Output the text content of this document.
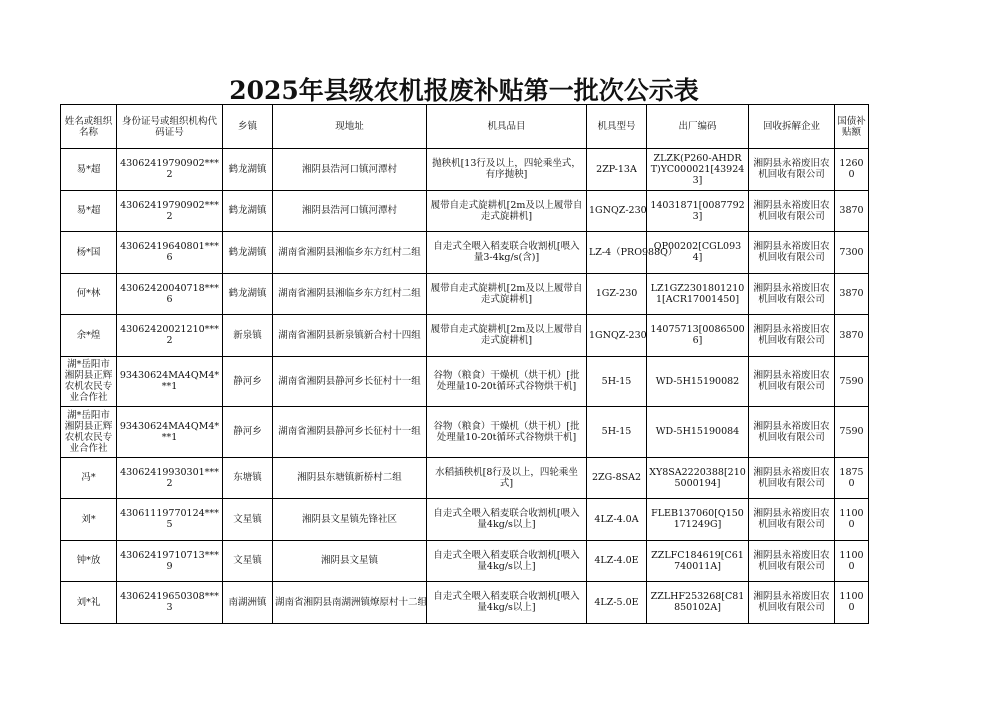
2025年县级农机报废补贴第一批次公示表
姓名或组织名称	身份证号或组织机构代码证号	乡镇	现地址	机具品目	机具型号	出厂编码	回收拆解企业	国债补贴额
易*超	43062419790902***2	鹤龙湖镇	湘阴县浩河口镇河潭村	抛秧机[13行及以上，四轮乘坐式，有序抛秧]	2ZP-13A	ZLZK(P260-AHDRT)YC000021[439243]	湘阴县永裕废旧农机回收有限公司	12600
易*超	43062419790902***2	鹤龙湖镇	湘阴县浩河口镇河潭村	履带自走式旋耕机[2m及以上履带自走式旋耕机]	1GNQZ-230	14031871[00877923]	湘阴县永裕废旧农机回收有限公司	3870
杨*国	43062419640801***6	鹤龙湖镇	湖南省湘阴县湘临乡东方红村二组	自走式全喂入稻麦联合收割机[喂入量3-4kg/s(含)]	LZ-4（PRO988Q）	QP00202[CGL0934]	湘阴县永裕废旧农机回收有限公司	7300
何*林	43062420040718***6	鹤龙湖镇	湖南省湘阴县湘临乡东方红村二组	履带自走式旋耕机[2m及以上履带自走式旋耕机]	1GZ-230	LZ1GZ23018012101[ACR17001450]	湘阴县永裕废旧农机回收有限公司	3870
余*煌	43062420021210***2	新泉镇	湖南省湘阴县新泉镇新合村十四组	履带自走式旋耕机[2m及以上履带自走式旋耕机]	1GNQZ-230	14075713[00865006]	湘阴县永裕废旧农机回收有限公司	3870
湖*岳阳市湘阴县正辉农机农民专业合作社	93430624MA4QM4***1	静河乡	湖南省湘阴县静河乡长征村十一组	谷物（粮食）干燥机（烘干机）[批处理量10-20t循环式谷物烘干机]	5H-15	WD-5H15190082	湘阴县永裕废旧农机回收有限公司	7590
湖*岳阳市湘阴县正辉农机农民专业合作社	93430624MA4QM4***1	静河乡	湖南省湘阴县静河乡长征村十一组	谷物（粮食）干燥机（烘干机）[批处理量10-20t循环式谷物烘干机]	5H-15	WD-5H15190084	湘阴县永裕废旧农机回收有限公司	7590
冯*	43062419930301***2	东塘镇	湘阴县东塘镇新桥村二组	水稻插秧机[8行及以上，四轮乘坐式]	2ZG-8SA2	XY8SA2220388[2105000194]	湘阴县永裕废旧农机回收有限公司	18750
刘*	43061119770124***5	文星镇	湘阴县文星镇先锋社区	自走式全喂入稻麦联合收割机[喂入量4kg/s以上]	4LZ-4.0A	FLEB137060[Q150171249G]	湘阴县永裕废旧农机回收有限公司	11000
钟*放	43062419710713***9	文星镇	湘阴县文星镇	自走式全喂入稻麦联合收割机[喂入量4kg/s以上]	4LZ-4.0E	ZZLFC184619[C61740011A]	湘阴县永裕废旧农机回收有限公司	11000
刘*礼	43062419650308***3	南湖洲镇	湖南省湘阴县南湖洲镇燎原村十二组	自走式全喂入稻麦联合收割机[喂入量4kg/s以上]	4LZ-5.0E	ZZLHF253268[C81850102A]	湘阴县永裕废旧农机回收有限公司	11000
